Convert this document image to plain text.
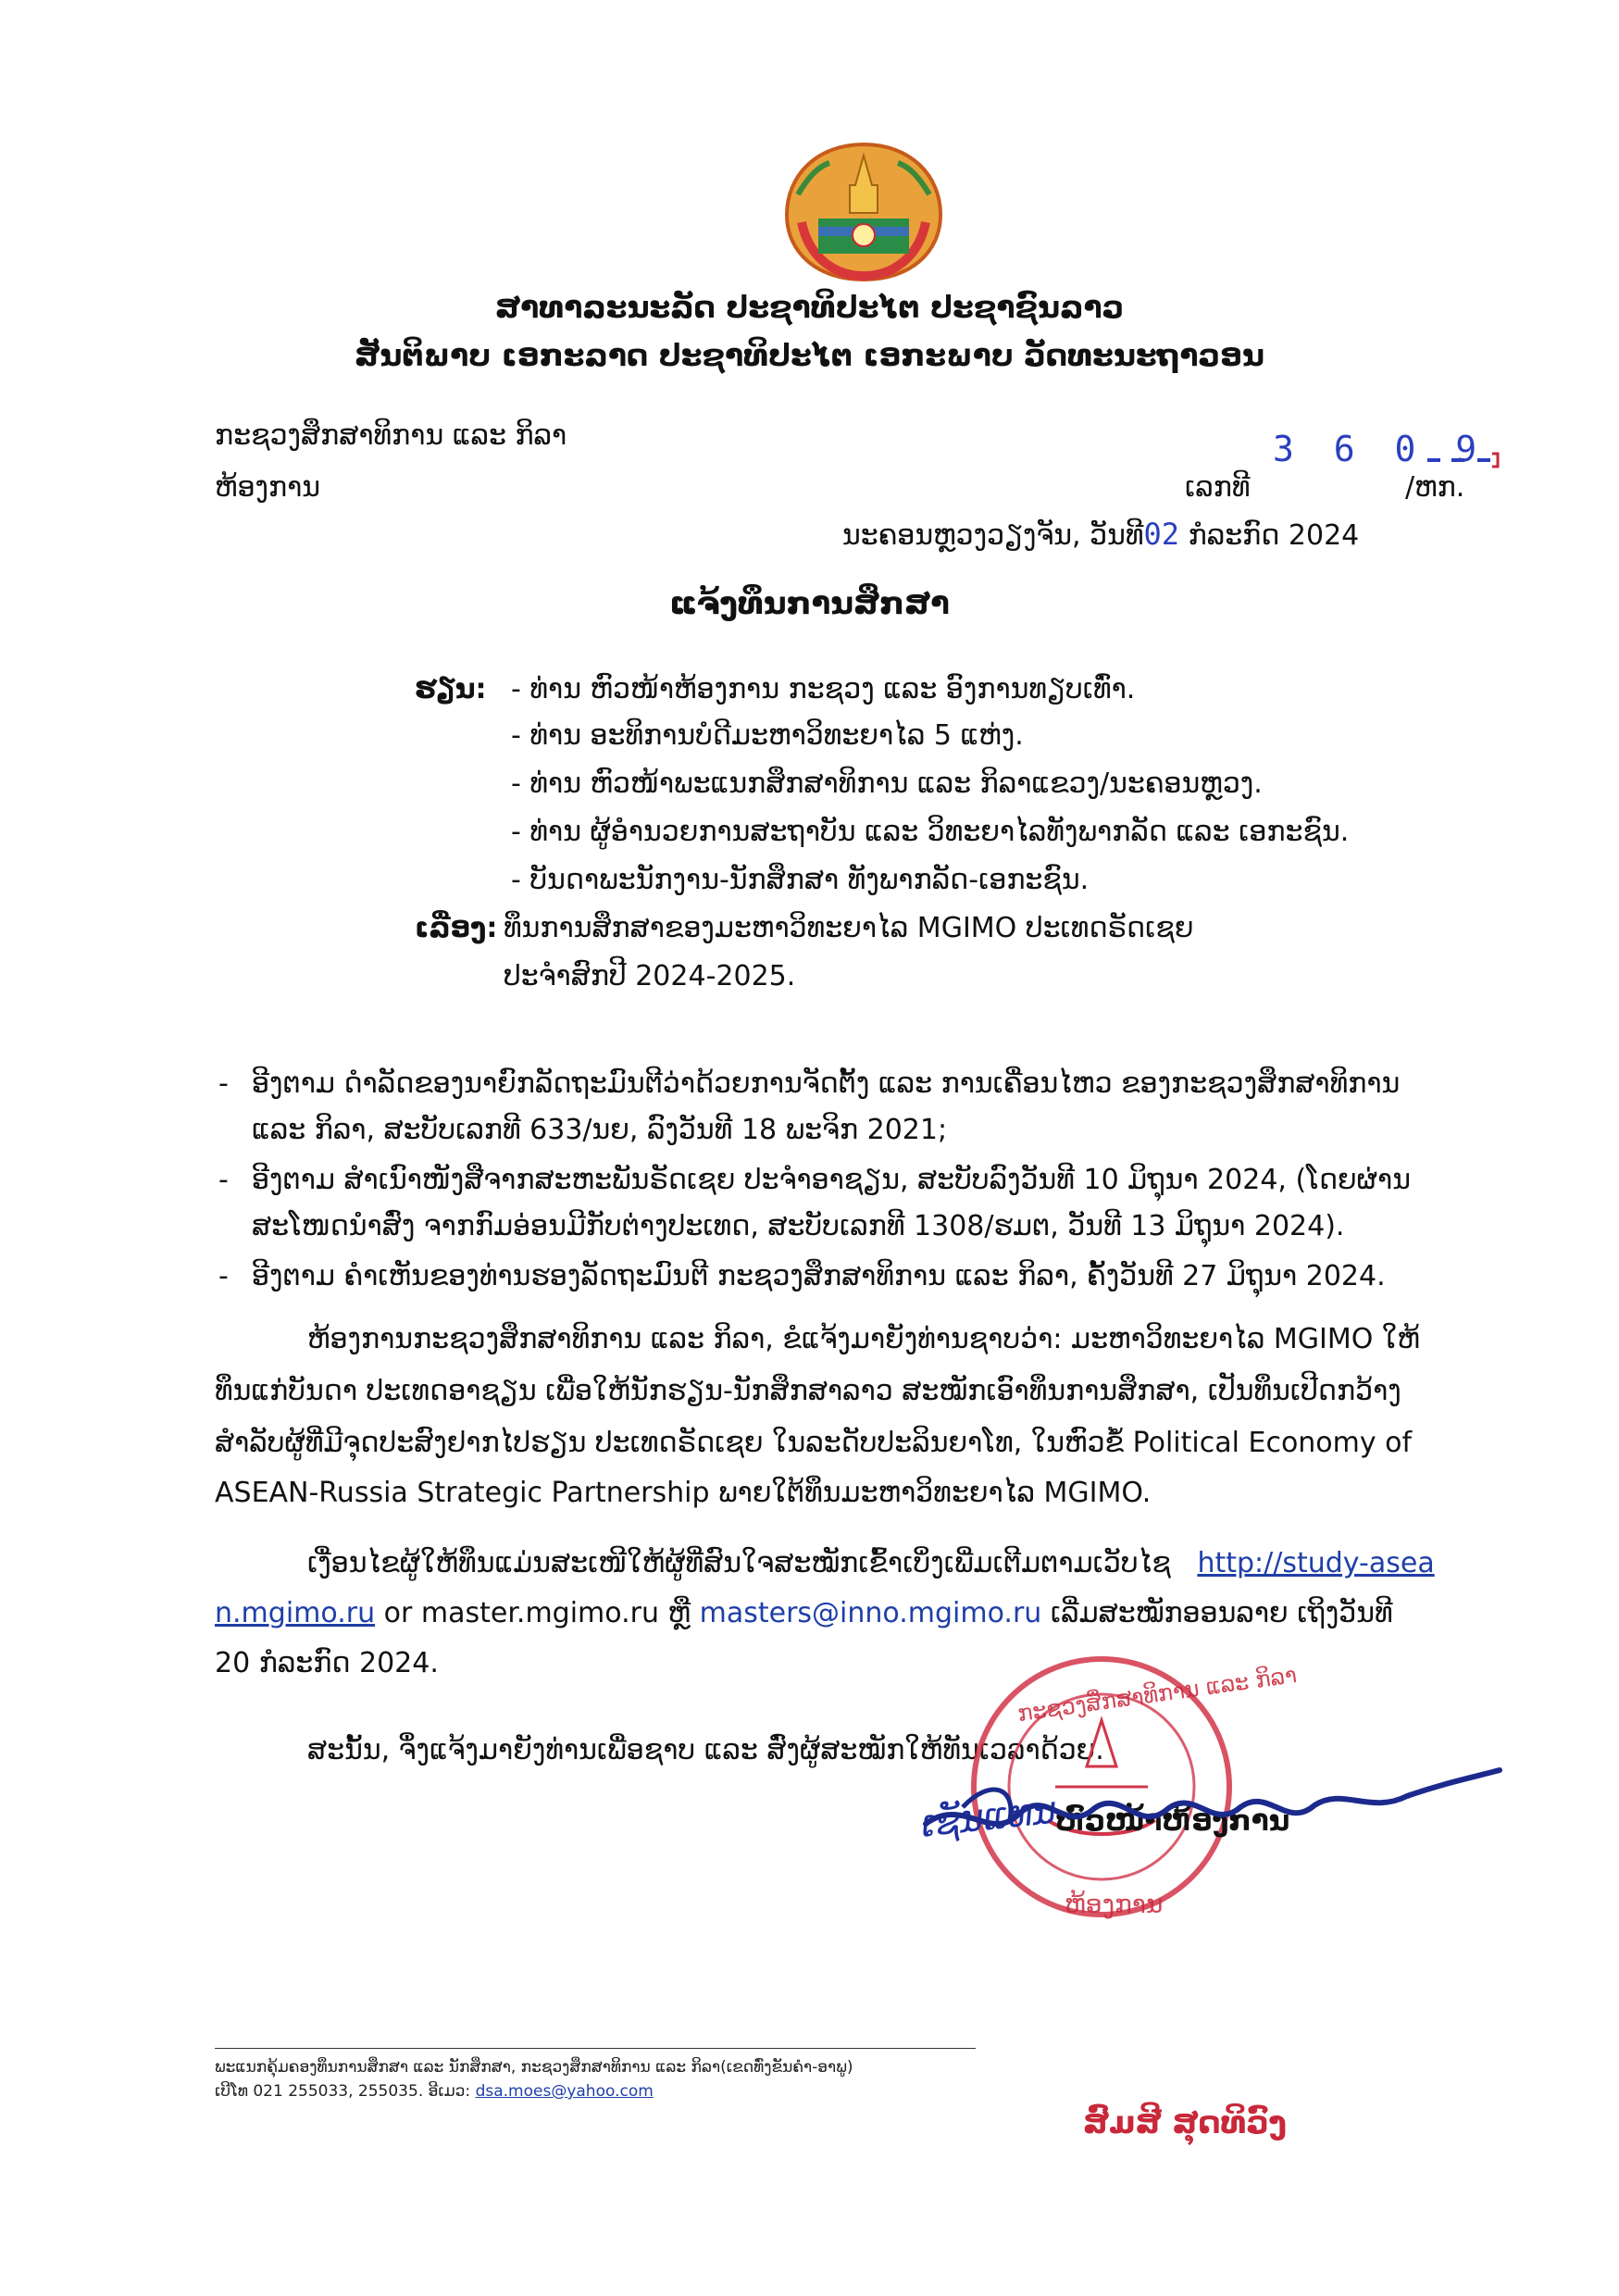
ສາທາລະນະລັດ ປະຊາທິປະໄຕ ປະຊາຊົນລາວ
ສັນຕິພາບ ເອກະລາດ ປະຊາທິປະໄຕ ເອກະພາບ ວັດທະນະຖາວອນ
ກະຊວງສຶກສາທິການ ແລະ ກິລາ
ຫ້ອງການ	ເລກທີ
3 6 0 9
/ຫກ.
ນະຄອນຫຼວງວຽງຈັນ, ວັນທີ02 ກໍລະກົດ 2024
ແຈ້ງທຶນການສຶກສາ
ຮຽນ: - ທ່ານ ຫົວໜ້າຫ້ອງການ ກະຊວງ ແລະ ອົງການທຽບເທົ່າ.
- ທ່ານ ອະທິການບໍດີມະຫາວິທະຍາໄລ 5 ແຫ່ງ.
- ທ່ານ ຫົວໜ້າພະແນກສຶກສາທິການ ແລະ ກິລາແຂວງ/ນະຄອນຫຼວງ.
- ທ່ານ ຜູ້ອຳນວຍການສະຖາບັນ ແລະ ວິທະຍາໄລທັງພາກລັດ ແລະ ເອກະຊົນ.
- ບັນດາພະນັກງານ-ນັກສຶກສາ ທັງພາກລັດ-ເອກະຊົນ.
ເລື່ອງ: ທຶນການສຶກສາຂອງມະຫາວິທະຍາໄລ MGIMO ປະເທດຣັດເຊຍ
ປະຈຳສົກປີ 2024-2025.
- ອີງຕາມ ດຳລັດຂອງນາຍົກລັດຖະມົນຕີວ່າດ້ວຍການຈັດຕັ້ງ ແລະ ການເຄື່ອນໄຫວ ຂອງກະຊວງສຶກສາທິການ
ແລະ ກິລາ, ສະບັບເລກທີ 633/ນຍ, ລົງວັນທີ 18 ພະຈິກ 2021;
- ອີງຕາມ ສຳເນົາໜັງສືຈາກສະຫະພັນຣັດເຊຍ ປະຈຳອາຊຽນ, ສະບັບລົງວັນທີ 10 ມິຖຸນາ 2024, (ໂດຍຜ່ານ
ສະໂໜດນຳສົ່ງ ຈາກກົມອ່ອນມີກັບຕ່າງປະເທດ, ສະບັບເລກທີ 1308/ຮມຕ, ວັນທີ 13 ມິຖຸນາ 2024).
- ອີງຕາມ ຄຳເຫັນຂອງທ່ານຮອງລັດຖະມົນຕີ ກະຊວງສຶກສາທິການ ແລະ ກິລາ, ຄັ້ງວັນທີ 27 ມິຖຸນາ 2024.
ຫ້ອງການກະຊວງສຶກສາທິການ ແລະ ກິລາ, ຂໍແຈ້ງມາຍັງທ່ານຊາບວ່າ: ມະຫາວິທະຍາໄລ MGIMO ໃຫ້
ທຶນແກ່ບັນດາ ປະເທດອາຊຽນ ເພື່ອໃຫ້ນັກຮຽນ-ນັກສຶກສາລາວ ສະໝັກເອົາທຶນການສຶກສາ, ເປັນທຶນເປີດກວ້າງ
ສຳລັບຜູ້ທີ່ມີຈຸດປະສົງຢາກໄປຮຽນ ປະເທດຣັດເຊຍ ໃນລະດັບປະລິນຍາໂທ, ໃນຫົວຂໍ້ Political Economy of
ASEAN-Russia Strategic Partnership ພາຍໃຕ້ທຶນມະຫາວິທະຍາໄລ MGIMO.
ເງື່ອນໄຂຜູ້ໃຫ້ທຶນແມ່ນສະເໜີໃຫ້ຜູ້ທີ່ສົນໃຈສະໝັກເຂົ້າເບິ່ງເພີ່ມເຕີມຕາມເວັບໄຊ http://study-asea
n.mgimo.ru or master.mgimo.ru ຫຼື masters@inno.mgimo.ru ເລີ່ມສະໝັກອອນລາຍ ເຖິງວັນທີ
20 ກໍລະກົດ 2024.
ສະນັ້ນ, ຈຶ່ງແຈ້ງມາຍັງທ່ານເພື່ອຊາບ ແລະ ສົ່ງຜູ້ສະໝັກໃຫ້ທັນເວລາດ້ວຍ.
ກະຊວງສຶກສາທິການ ແລະ ກິລາ
ຫ້ອງການ
ເຊັນແທນ
ຫົວໜ້າຫ້ອງການ
ສົມສີ ສຸດທິວົງ
ພະແນກຄຸ້ມຄອງທຶນການສຶກສາ ແລະ ນັກສຶກສາ, ກະຊວງສຶກສາທິການ ແລະ ກິລາ(ເຂດທົ່ງຂັນຄຳ-ອາພູ)
ເບີໂທ 021 255033, 255035. ອີເມວ: dsa.moes@yahoo.com
